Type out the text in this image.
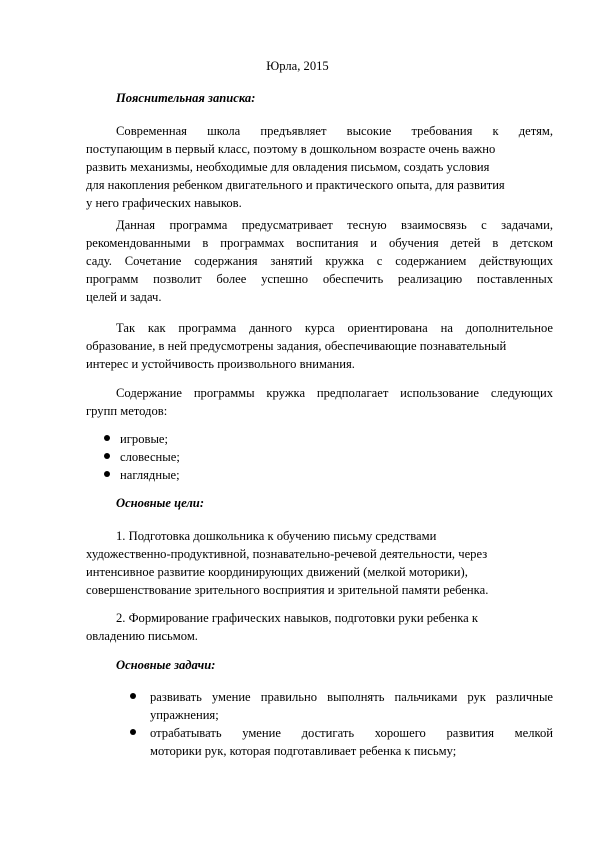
Юрла, 2015
Пояснительная записка:
Современная школа предъявляет высокие требования к детям,
поступающим в первый класс, поэтому в дошкольном возрасте очень важно
развить механизмы, необходимые для овладения письмом, создать условия
для накопления ребенком двигательного и практического опыта, для развития
у него графических навыков.
Данная программа предусматривает тесную взаимосвязь с задачами,
рекомендованными в программах воспитания и обучения детей в детском
саду. Сочетание содержания занятий кружка с содержанием действующих
программ позволит более успешно обеспечить реализацию поставленных
целей и задач.
Так как программа данного курса ориентирована на дополнительное
образование, в ней предусмотрены задания, обеспечивающие познавательный
интерес и устойчивость произвольного внимания.
Содержание программы кружка предполагает использование следующих
групп методов:
игровые;
словесные;
наглядные;
Основные цели:
1. Подготовка дошкольника к обучению письму средствами
художественно-продуктивной, познавательно-речевой деятельности, через
интенсивное развитие координирующих движений (мелкой моторики),
совершенствование зрительного восприятия и зрительной памяти ребенка.
2. Формирование графических навыков, подготовки руки ребенка к
овладению письмом.
Основные задачи:
развивать умение правильно выполнять пальчиками рук различные
упражнения;
отрабатывать умение достигать хорошего развития мелкой
моторики рук, которая подготавливает ребенка к письму;
